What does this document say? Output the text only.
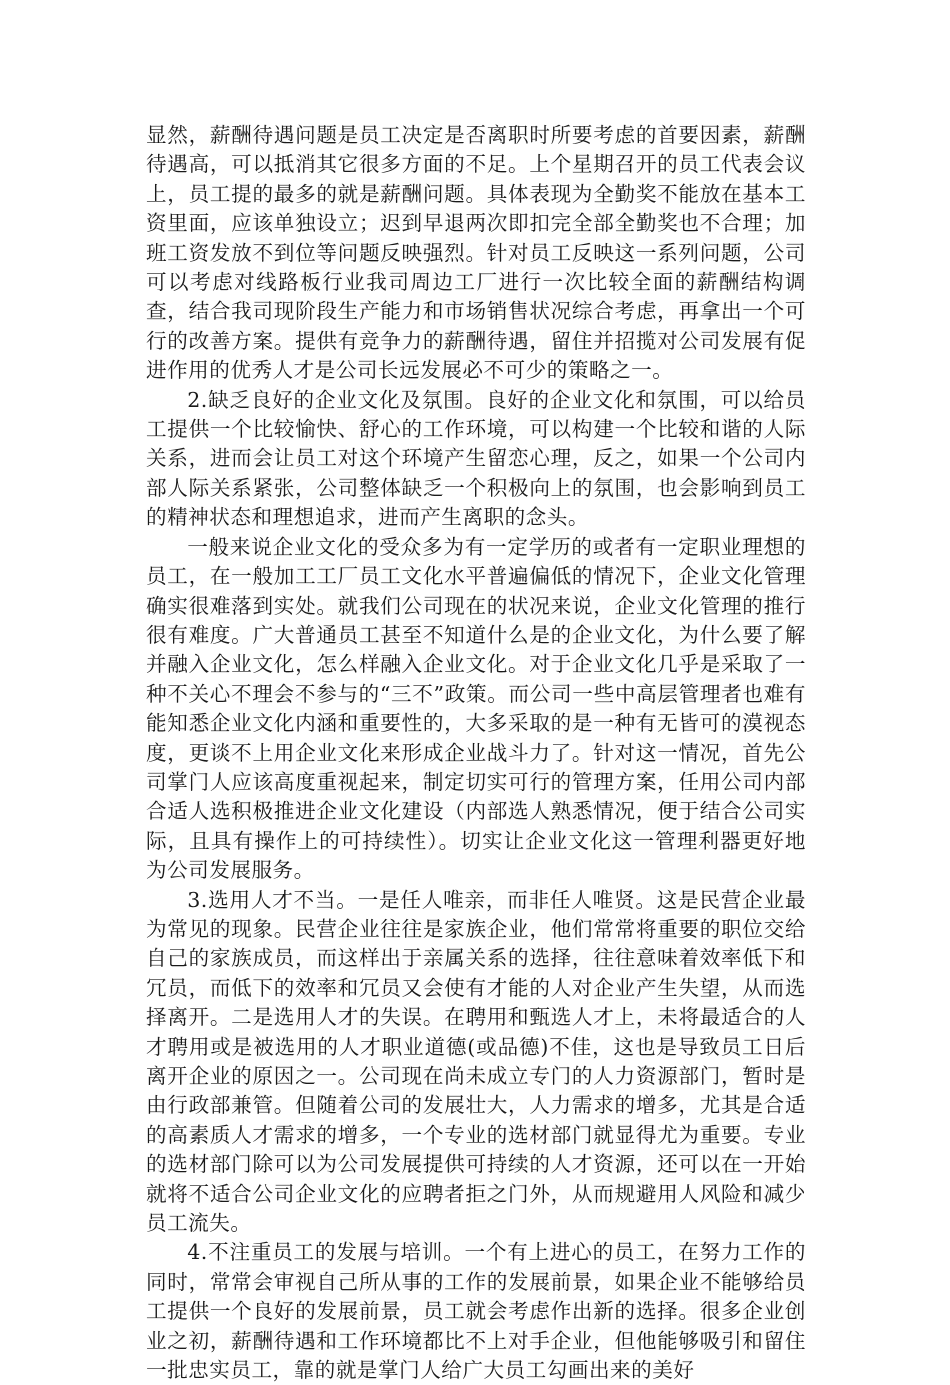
显然，薪酬待遇问题是员工决定是否离职时所要考虑的首要因素，薪酬待遇高，可以抵消其它很多方面的不足。上个星期召开的员工代表会议上，员工提的最多的就是薪酬问题。具体表现为全勤奖不能放在基本工资里面，应该单独设立；迟到早退两次即扣完全部全勤奖也不合理；加班工资发放不到位等问题反映强烈。针对员工反映这一系列问题，公司可以考虑对线路板行业我司周边工厂进行一次比较全面的薪酬结构调查，结合我司现阶段生产能力和市场销售状况综合考虑，再拿出一个可行的改善方案。提供有竞争力的薪酬待遇，留住并招揽对公司发展有促进作用的优秀人才是公司长远发展必不可少的策略之一。

2.缺乏良好的企业文化及氛围。良好的企业文化和氛围，可以给员工提供一个比较愉快、舒心的工作环境，可以构建一个比较和谐的人际关系，进而会让员工对这个环境产生留恋心理，反之，如果一个公司内部人际关系紧张，公司整体缺乏一个积极向上的氛围，也会影响到员工的精神状态和理想追求，进而产生离职的念头。

一般来说企业文化的受众多为有一定学历的或者有一定职业理想的员工，在一般加工工厂员工文化水平普遍偏低的情况下，企业文化管理确实很难落到实处。就我们公司现在的状况来说，企业文化管理的推行很有难度。广大普通员工甚至不知道什么是的企业文化，为什么要了解并融入企业文化，怎么样融入企业文化。对于企业文化几乎是采取了一种不关心不理会不参与的“三不”政策。而公司一些中高层管理者也难有能知悉企业文化内涵和重要性的，大多采取的是一种有无皆可的漠视态度，更谈不上用企业文化来形成企业战斗力了。针对这一情况，首先公司掌门人应该高度重视起来，制定切实可行的管理方案，任用公司内部合适人选积极推进企业文化建设（内部选人熟悉情况，便于结合公司实际，且具有操作上的可持续性）。切实让企业文化这一管理利器更好地为公司发展服务。

3.选用人才不当。一是任人唯亲，而非任人唯贤。这是民营企业最为常见的现象。民营企业往往是家族企业，他们常常将重要的职位交给自己的家族成员，而这样出于亲属关系的选择，往往意味着效率低下和冗员，而低下的效率和冗员又会使有才能的人对企业产生失望，从而选择离开。二是选用人才的失误。在聘用和甄选人才上，未将最适合的人才聘用或是被选用的人才职业道德(或品德)不佳，这也是导致员工日后离开企业的原因之一。公司现在尚未成立专门的人力资源部门，暂时是由行政部兼管。但随着公司的发展壮大，人力需求的增多，尤其是合适的高素质人才需求的增多，一个专业的选材部门就显得尤为重要。专业的选材部门除可以为公司发展提供可持续的人才资源，还可以在一开始就将不适合公司企业文化的应聘者拒之门外，从而规避用人风险和减少员工流失。

4.不注重员工的发展与培训。一个有上进心的员工，在努力工作的同时，常常会审视自己所从事的工作的发展前景，如果企业不能够给员工提供一个良好的发展前景，员工就会考虑作出新的选择。很多企业创业之初，薪酬待遇和工作环境都比不上对手企业，但他能够吸引和留住一批忠实员工，靠的就是掌门人给广大员工勾画出来的美好
